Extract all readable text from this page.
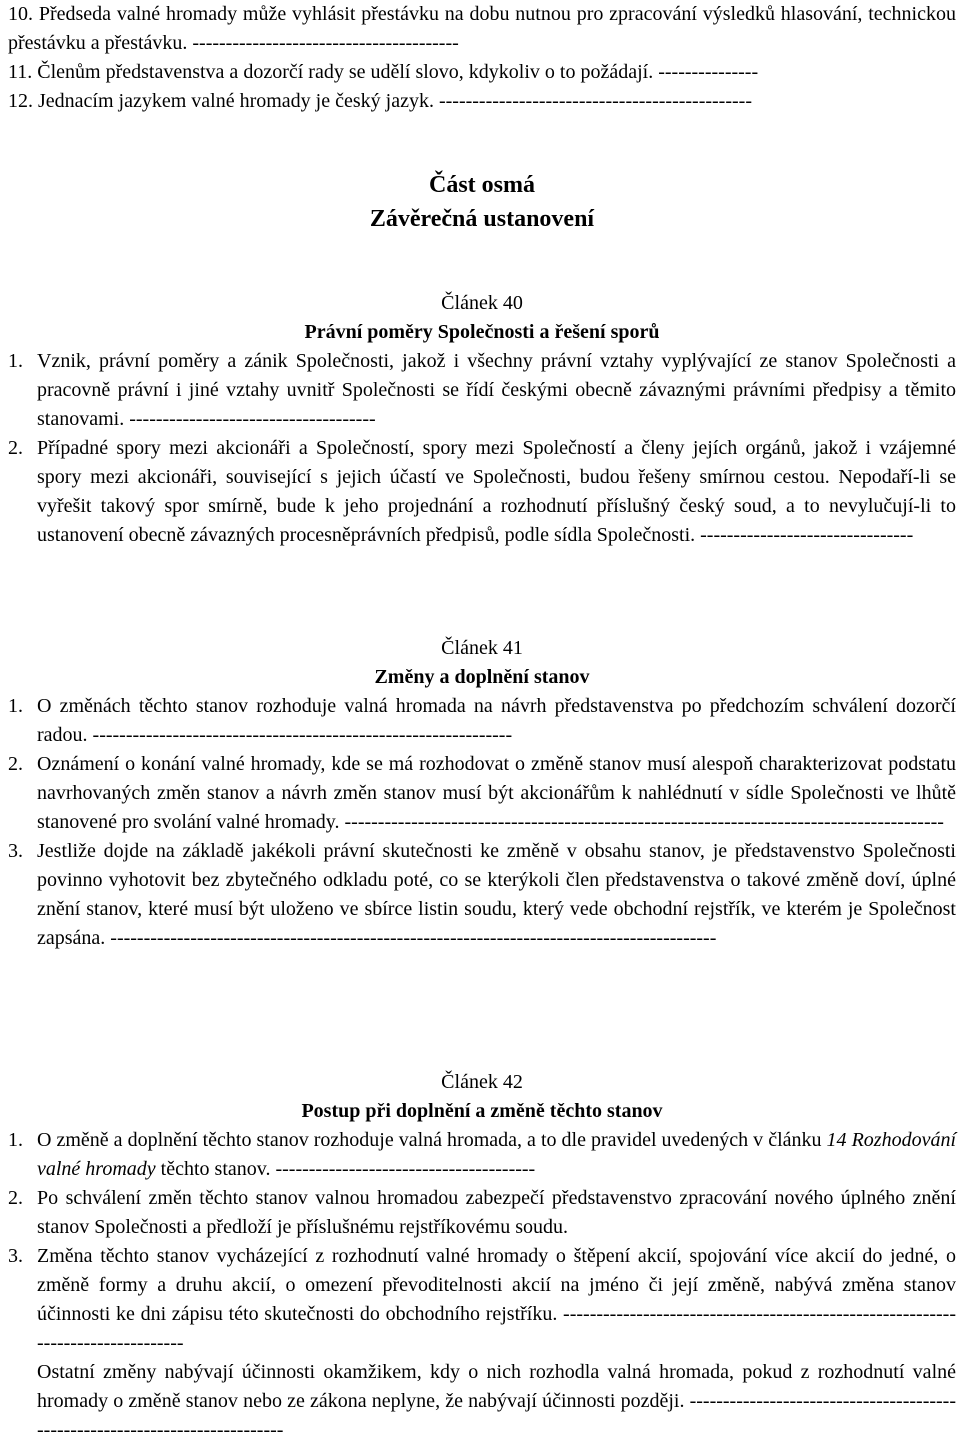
10. Předseda valné hromady může vyhlásit přestávku na dobu nutnou pro zpracování výsledků hlasování, technickou přestávku a přestávku. ----------------------------------------

11. Členům představenstva a dozorčí rady se udělí slovo, kdykoliv o to požádají. ---------------

12. Jednacím jazykem valné hromady je český jazyk. -----------------------------------------------

Část osmá

Závěrečná ustanovení

Článek 40

Právní poměry Společnosti a řešení sporů

1. Vznik, právní poměry a zánik Společnosti, jakož i všechny právní vztahy vyplývající ze stanov Společnosti a pracovně právní i jiné vztahy uvnitř Společnosti se řídí českými obecně závaznými právními předpisy a těmito stanovami. -------------------------------------

2. Případné spory mezi akcionáři a Společností, spory mezi Společností a členy jejích orgánů, jakož i vzájemné spory mezi akcionáři, související s jejich účastí ve Společnosti, budou řešeny smírnou cestou. Nepodaří-li se vyřešit takový spor smírně, bude k jeho projednání a rozhodnutí příslušný český soud, a to nevylučují-li to ustanovení obecně závazných procesněprávních předpisů, podle sídla Společnosti. --------------------------------

Článek 41

Změny a doplnění stanov

1. O změnách těchto stanov rozhoduje valná hromada na návrh představenstva po předchozím schválení dozorčí radou. ---------------------------------------------------------------

2. Oznámení o konání valné hromady, kde se má rozhodovat o změně stanov musí alespoň charakterizovat podstatu navrhovaných změn stanov a návrh změn stanov musí být akcionářům k nahlédnutí v sídle Společnosti ve lhůtě stanovené pro svolání valné hromady. ------------------------------------------------------------------------------------------

3. Jestliže dojde na základě jakékoli právní skutečnosti ke změně v obsahu stanov, je představenstvo Společnosti povinno vyhotovit bez zbytečného odkladu poté, co se kterýkoli člen představenstva o takové změně doví, úplné znění stanov, které musí být uloženo ve sbírce listin soudu, který vede obchodní rejstřík, ve kterém je Společnost zapsána. -------------------------------------------------------------------------------------------

Článek 42

Postup při doplnění a změně těchto stanov

1. O změně a doplnění těchto stanov rozhoduje valná hromada, a to dle pravidel uvedených v článku 14 Rozhodování valné hromady těchto stanov. ---------------------------------------

2. Po schválení změn těchto stanov valnou hromadou zabezpečí představenstvo zpracování nového úplného znění stanov Společnosti a předloží je příslušnému rejstříkovému soudu.

3. Změna těchto stanov vycházející z rozhodnutí valné hromady o štěpení akcií, spojování více akcií do jedné, o změně formy a druhu akcií, o omezení převoditelnosti akcií na jméno či její změně, nabývá změna stanov účinnosti ke dni zápisu této skutečnosti do obchodního rejstříku. ---------------------------------------------------------------------------------

Ostatní změny nabývají účinnosti okamžikem, kdy o nich rozhodla valná hromada, pokud z rozhodnutí valné hromady o změně stanov nebo ze zákona neplyne, že nabývají účinnosti později. -----------------------------------------------------------------------------
